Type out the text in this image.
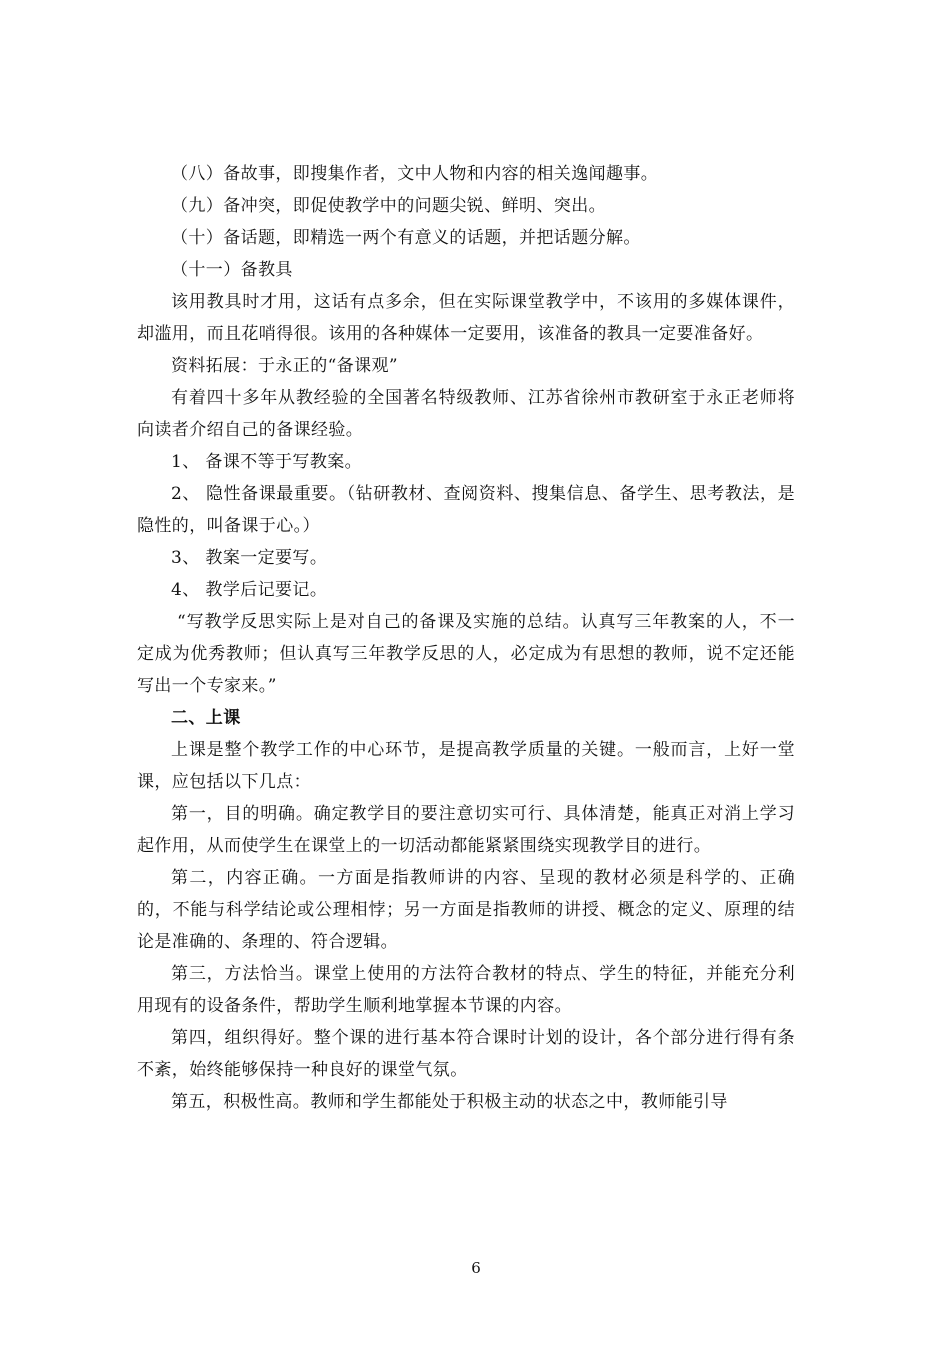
（八）备故事，即搜集作者，文中人物和内容的相关逸闻趣事。

（九）备冲突，即促使教学中的问题尖锐、鲜明、突出。

（十）备话题，即精选一两个有意义的话题，并把话题分解。

（十一）备教具

该用教具时才用，这话有点多余，但在实际课堂教学中，不该用的多媒体课件，却滥用，而且花哨得很。该用的各种媒体一定要用，该准备的教具一定要准备好。

资料拓展：于永正的“备课观”

有着四十多年从教经验的全国著名特级教师、江苏省徐州市教研室于永正老师将向读者介绍自己的备课经验。

1、 备课不等于写教案。

2、 隐性备课最重要。（钻研教材、查阅资料、搜集信息、备学生、思考教法，是隐性的，叫备课于心。）

3、 教案一定要写。

4、 教学后记要记。

“写教学反思实际上是对自己的备课及实施的总结。认真写三年教案的人，不一定成为优秀教师；但认真写三年教学反思的人，必定成为有思想的教师，说不定还能写出一个专家来。”

二、上课

上课是整个教学工作的中心环节，是提高教学质量的关键。一般而言，上好一堂课，应包括以下几点：

第一，目的明确。确定教学目的要注意切实可行、具体清楚，能真正对消上学习起作用，从而使学生在课堂上的一切活动都能紧紧围绕实现教学目的进行。

第二，内容正确。一方面是指教师讲的内容、呈现的教材必须是科学的、正确的，不能与科学结论或公理相悖；另一方面是指教师的讲授、概念的定义、原理的结论是准确的、条理的、符合逻辑。

第三，方法恰当。课堂上使用的方法符合教材的特点、学生的特征，并能充分利用现有的设备条件，帮助学生顺利地掌握本节课的内容。

第四，组织得好。整个课的进行基本符合课时计划的设计，各个部分进行得有条不紊，始终能够保持一种良好的课堂气氛。

第五，积极性高。教师和学生都能处于积极主动的状态之中，教师能引导

6
